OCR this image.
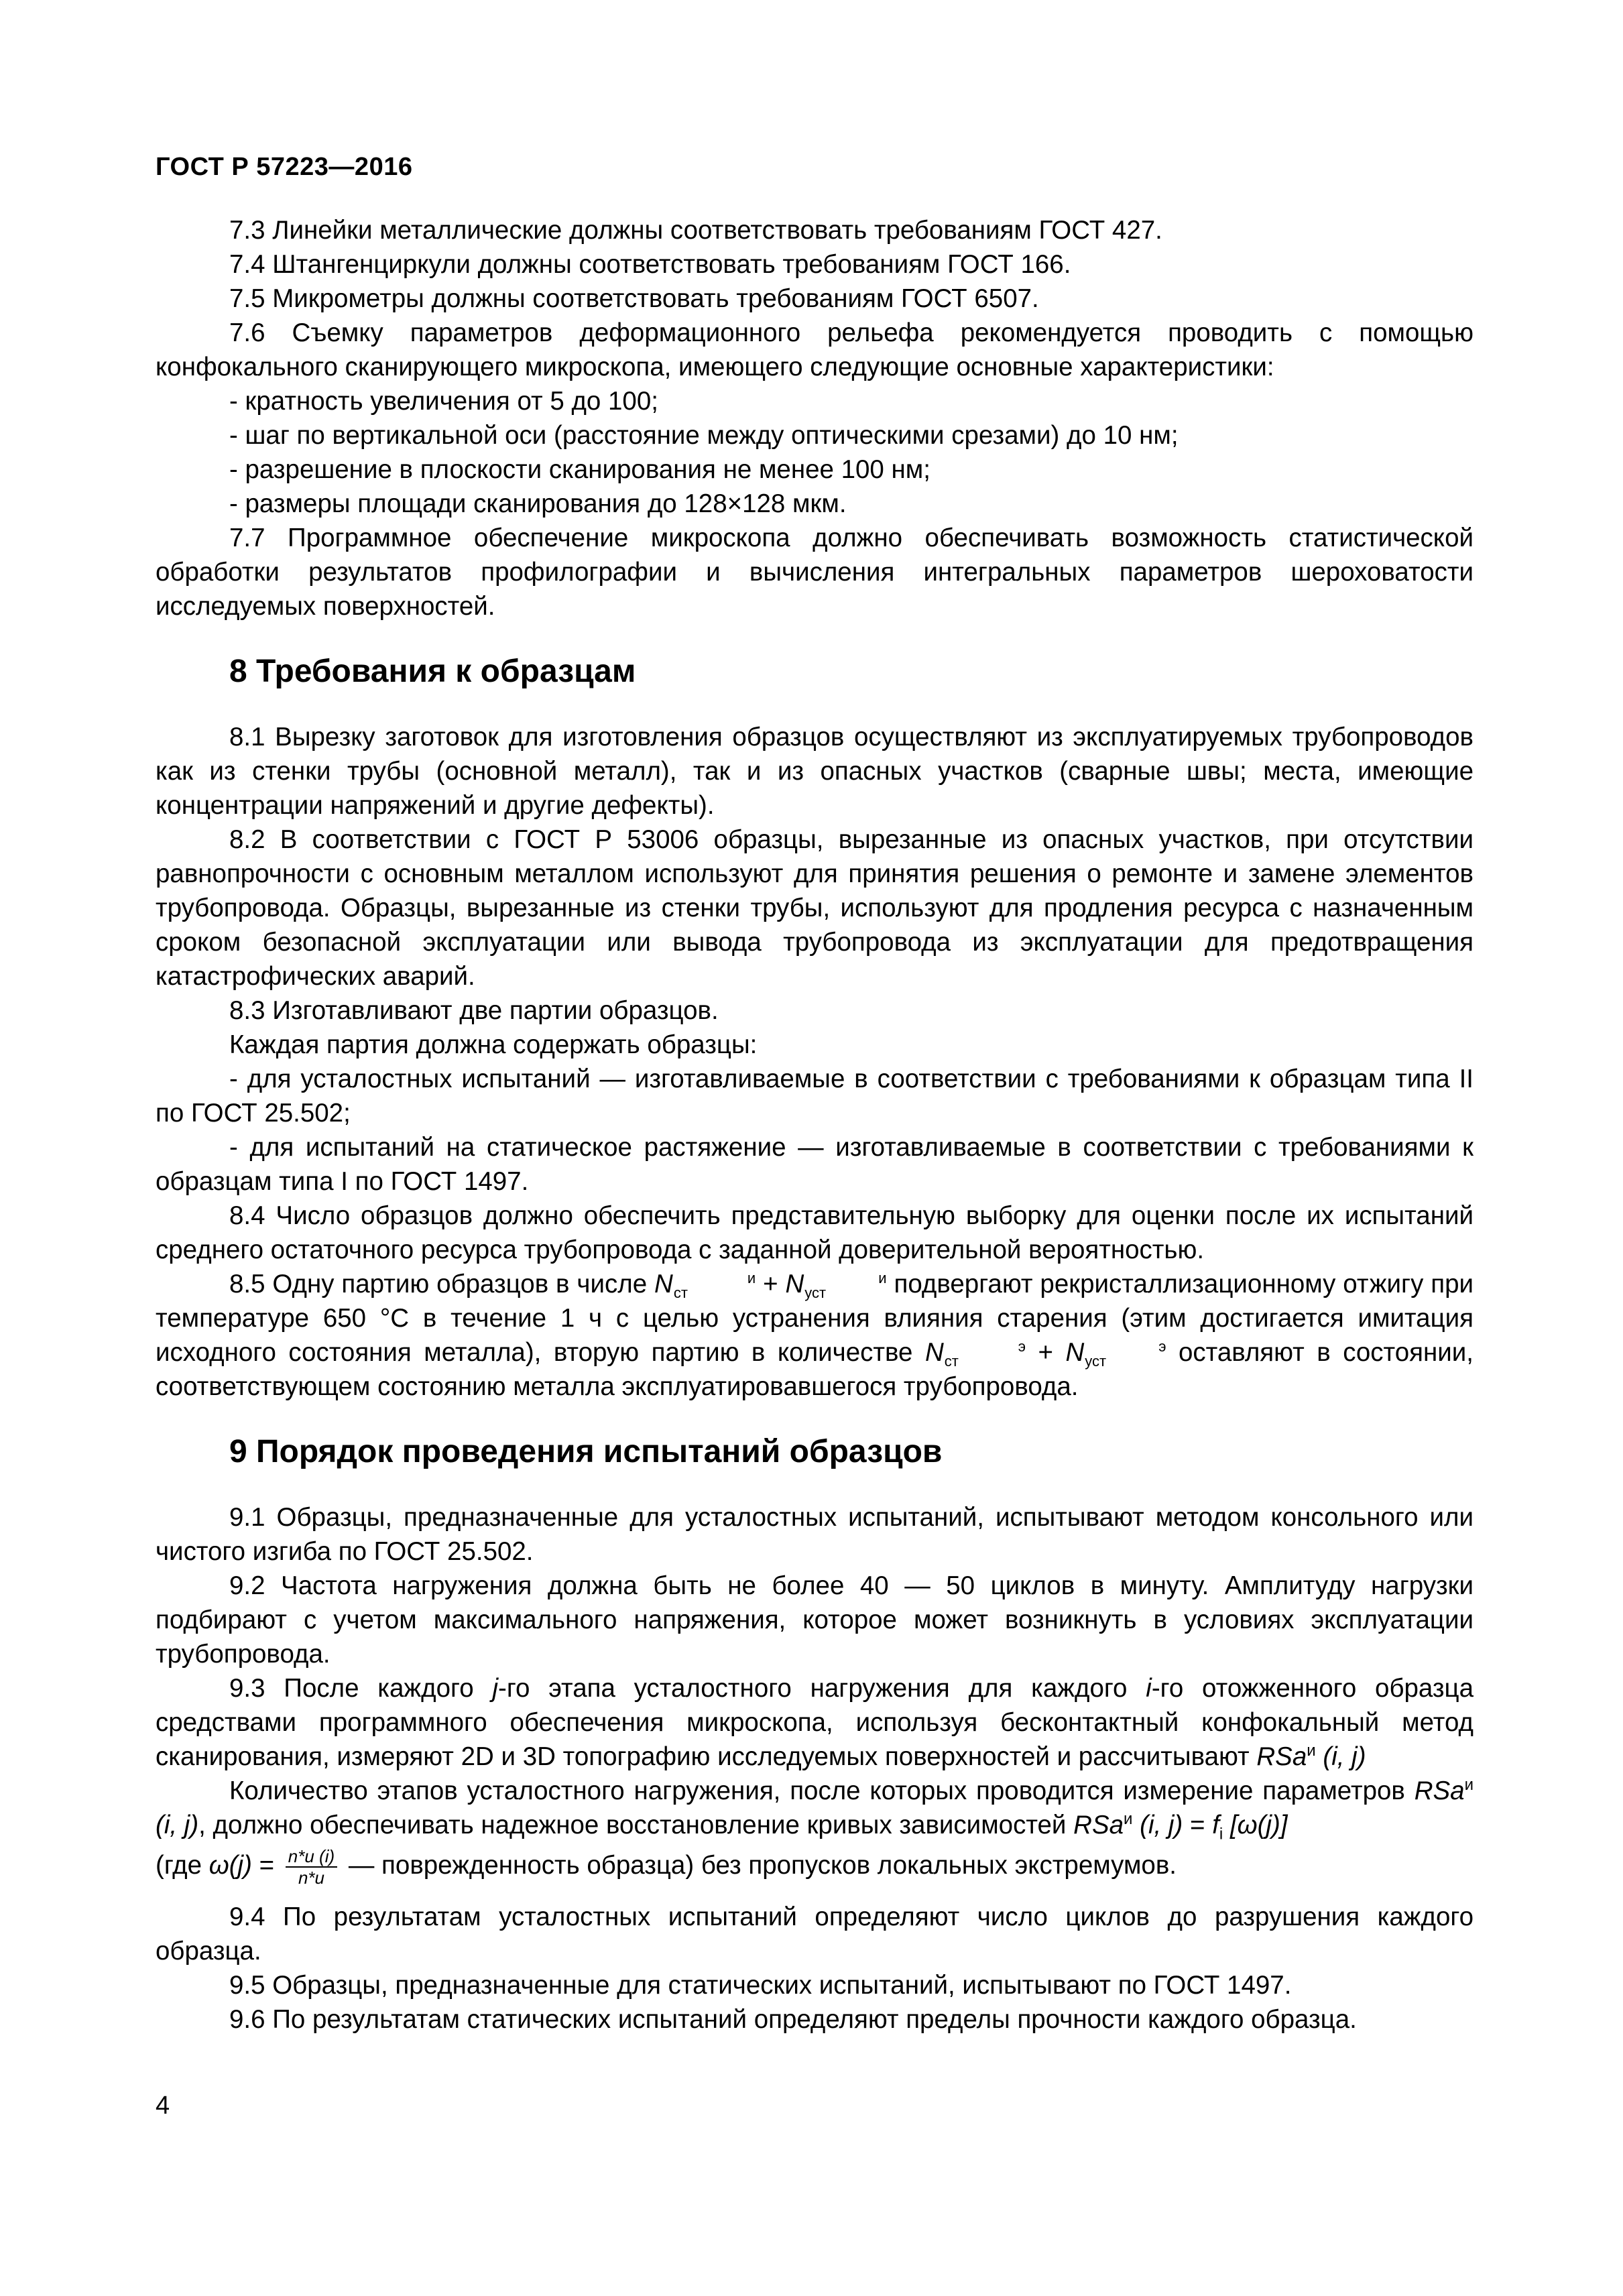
ГОСТ Р 57223—2016

7.3 Линейки металлические должны соответствовать требованиям ГОСТ 427.

7.4 Штангенциркули должны соответствовать требованиям ГОСТ 166.

7.5 Микрометры должны соответствовать требованиям ГОСТ 6507.

7.6 Съемку параметров деформационного рельефа рекомендуется проводить с помощью конфокального сканирующего микроскопа, имеющего следующие основные характеристики:

- кратность увеличения от 5 до 100;

- шаг по вертикальной оси (расстояние между оптическими срезами) до 10 нм;

- разрешение в плоскости сканирования не менее 100 нм;

- размеры площади сканирования до 128×128 мкм.

7.7 Программное обеспечение микроскопа должно обеспечивать возможность статистической обработки результатов профилографии и вычисления интегральных параметров шероховатости исследуемых поверхностей.

8 Требования к образцам

8.1 Вырезку заготовок для изготовления образцов осуществляют из эксплуатируемых трубопроводов как из стенки трубы (основной металл), так и из опасных участков (сварные швы; места, имеющие концентрации напряжений и другие дефекты).

8.2 В соответствии с ГОСТ Р 53006 образцы, вырезанные из опасных участков, при отсутствии равнопрочности с основным металлом используют для принятия решения о ремонте и замене элементов трубопровода. Образцы, вырезанные из стенки трубы, используют для продления ресурса с назначенным сроком безопасной эксплуатации или вывода трубопровода из эксплуатации для предотвращения катастрофических аварий.

8.3 Изготавливают две партии образцов.

Каждая партия должна содержать образцы:

- для усталостных испытаний — изготавливаемые в соответствии с требованиями к образцам типа II по ГОСТ 25.502;

- для испытаний на статическое растяжение — изготавливаемые в соответствии с требованиями к образцам типа I по ГОСТ 1497.

8.4 Число образцов должно обеспечить представительную выборку для оценки после их испытаний среднего остаточного ресурса трубопровода с заданной доверительной вероятностью.

8.5 Одну партию образцов в числе N	и
ст	+ N	и
уст	подвергают рекристаллизационному отжигу при температуре 650 °С в течение 1 ч с целью устранения влияния старения (этим достигается имитация исходного состояния металла), вторую партию в количестве N	э
ст	+ N	э
уст	оставляют в состоянии, соответствующем состоянию металла эксплуатировавшегося трубопровода.

9 Порядок проведения испытаний образцов

9.1 Образцы, предназначенные для усталостных испытаний, испытывают методом консольного или чистого изгиба по ГОСТ 25.502.

9.2 Частота нагружения должна быть не более 40 — 50 циклов в минуту. Амплитуду нагрузки подбирают с учетом максимального напряжения, которое может возникнуть в условиях эксплуатации трубопровода.

9.3 После каждого j-го этапа усталостного нагружения для каждого i-го отожженного образца средствами программного обеспечения микроскопа, используя бесконтактный конфокальный метод сканирования, измеряют 2D и 3D топографию исследуемых поверхностей и рассчитывают RSa$^и$ (i, j)

Количество этапов усталостного нагружения, после которых проводится измерение параметров RSa$^и$ (i, j), должно обеспечивать надежное восстановление кривых зависимостей RSa$^и$ (i, $j) = f_i$ [ω(j)]

(где $\omega(j) = \frac{n*и (i)}{n*и}$ — поврежденность образца) без пропусков локальных экстремумов.

9.4 По результатам усталостных испытаний определяют число циклов до разрушения каждого образца.

9.5 Образцы, предназначенные для статических испытаний, испытывают по ГОСТ 1497.

9.6 По результатам статических испытаний определяют пределы прочности каждого образца.

4
